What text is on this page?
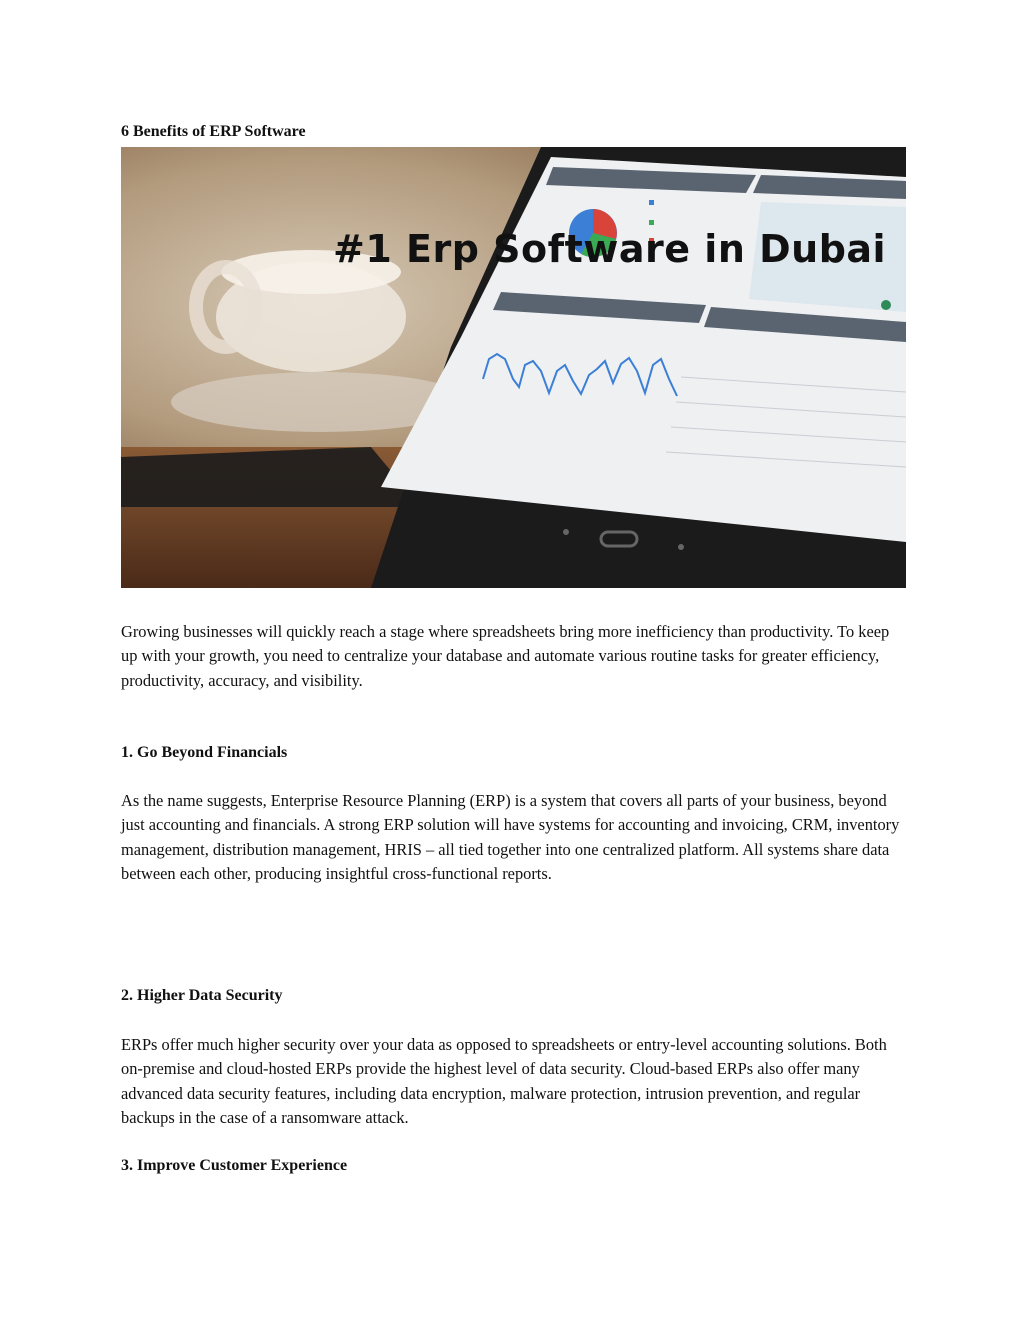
6 Benefits of ERP Software
#1 Erp Software in Dubai
Growing businesses will quickly reach a stage where spreadsheets bring more inefficiency than productivity. To keep up with your growth, you need to centralize your database and automate various routine tasks for greater efficiency, productivity, accuracy, and visibility.
1. Go Beyond Financials
As the name suggests, Enterprise Resource Planning (ERP) is a system that covers all parts of your business, beyond just accounting and financials. A strong ERP solution will have systems for accounting and invoicing, CRM, inventory management, distribution management, HRIS – all tied together into one centralized platform. All systems share data between each other, producing insightful cross-functional reports.
2. Higher Data Security
ERPs offer much higher security over your data as opposed to spreadsheets or entry-level accounting solutions. Both on-premise and cloud-hosted ERPs provide the highest level of data security. Cloud-based ERPs also offer many advanced data security features, including data encryption, malware protection, intrusion prevention, and regular backups in the case of a ransomware attack.
3. Improve Customer Experience
